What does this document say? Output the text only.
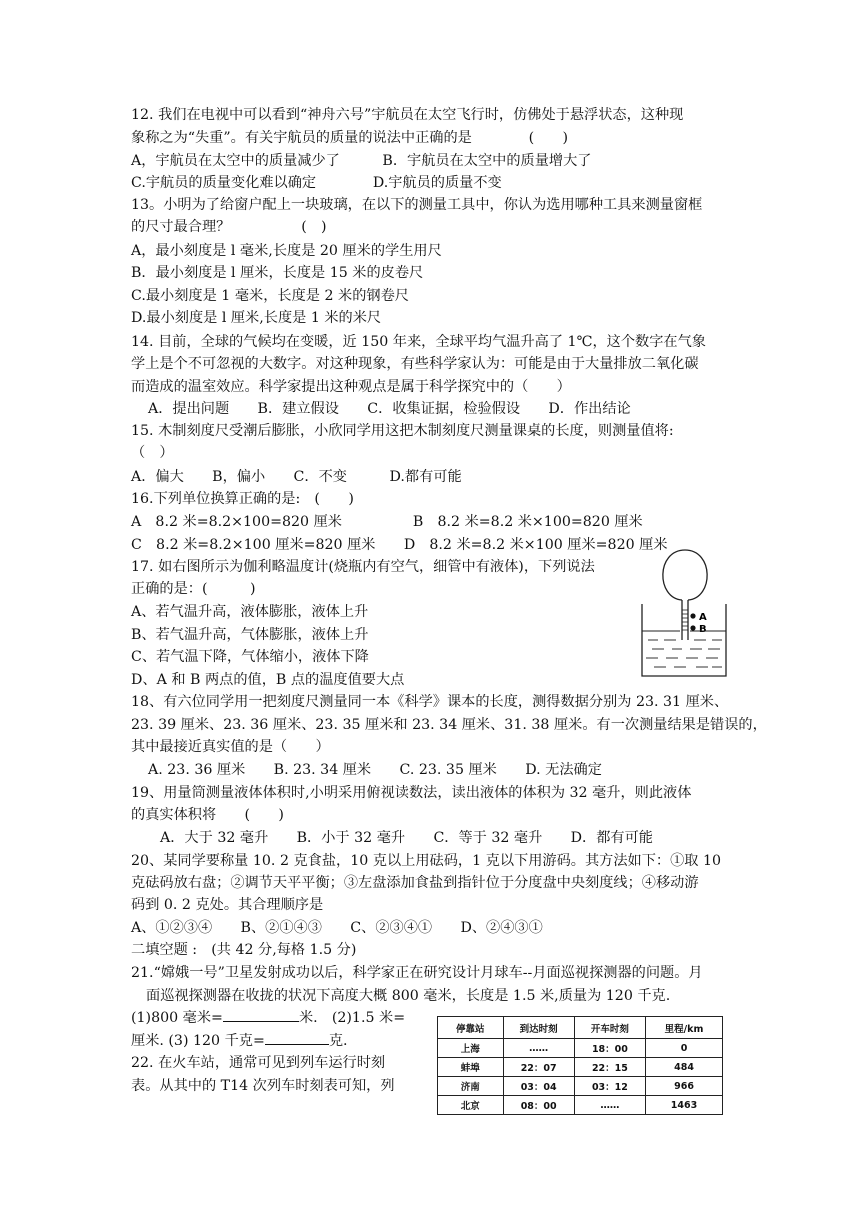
12. 我们在电视中可以看到“神舟六号”宇航员在太空飞行时，仿佛处于悬浮状态，这种现
象称之为“失重”。有关宇航员的质量的说法中正确的是　　　　(　　)
A，宇航员在太空中的质量减少了　　　B．宇航员在太空中的质量增大了
C.宇航员的质量变化难以确定　　　　D.宇航员的质量不变
13。小明为了给窗户配上一块玻璃，在以下的测量工具中，你认为选用哪种工具来测量窗框
的尺寸最合理？　　　　　(　)
A，最小刻度是 l 毫米,长度是 20 厘米的学生用尺
B．最小刻度是 l 厘米，长度是 15 米的皮卷尺
C.最小刻度是 1 毫米，长度是 2 米的钢卷尺
D.最小刻度是 l 厘米,长度是 1 米的米尺
14. 目前，全球的气候均在变暖，近 150 年来，全球平均气温升高了 1℃，这个数字在气象
学上是个不可忽视的大数字。对这种现象，有些科学家认为：可能是由于大量排放二氧化碳
而造成的温室效应。科学家提出这种观点是属于科学探究中的（　　）
A．提出问题　　B．建立假设　　C．收集证据，检验假设　　D．作出结论
15. 木制刻度尺受潮后膨胀，小欣同学用这把木制刻度尺测量课桌的长度，则测量值将:
（　）
A．偏大　　B，偏小　　C．不变　　　D.都有可能
16.下列单位换算正确的是:　(　　)
A　8.2 米=8.2×100=820 厘米　　　　　B　8.2 米=8.2 米×100=820 厘米
C　8.2 米=8.2×100 厘米=820 厘米　　D　8.2 米=8.2 米×100 厘米=820 厘米
17. 如右图所示为伽利略温度计(烧瓶内有空气，细管中有液体)，下列说法
正确的是：(　　　)
A、若气温升高，液体膨胀，液体上升
B、若气温升高，气体膨胀，液体上升
C、若气温下降，气体缩小，液体下降
D、A 和 B 两点的值，B 点的温度值要大点
A
B
18、有六位同学用一把刻度尺测量同一本《科学》课本的长度，测得数据分别为 23. 31 厘米、
23. 39 厘米、23. 36 厘米、23. 35 厘米和 23. 34 厘米、31. 38 厘米。有一次测量结果是错误的，
其中最接近真实值的是（　　）
A. 23. 36 厘米　　B. 23. 34 厘米　　C. 23. 35 厘米　　D. 无法确定
19、用量筒测量液体体积时,小明采用俯视读数法，读出液体的体积为 32 毫升，则此液体
的真实体积将　　(　　)
A．大于 32 毫升　　B．小于 32 毫升　　C．等于 32 毫升　　D．都有可能
20、某同学要称量 10. 2 克食盐，10 克以上用砝码，1 克以下用游码。其方法如下：①取 10
克砝码放右盘；②调节天平平衡；③左盘添加食盐到指针位于分度盘中央刻度线；④移动游
码到 0. 2 克处。其合理顺序是
A、①②③④　　B、②①④③　　C、②③④①　　D、②④③①
二填空题 :　(共 42 分,每格 1.5 分)
21.“嫦娥一号”卫星发射成功以后，科学家正在研究设计月球车--月面巡视探测器的问题。月
面巡视探测器在收拢的状况下高度大概 800 毫米，长度是 1.5 米,质量为 120 千克.
(1)800 毫米=	米.　(2)1.5 米=
厘米. (3) 120 千克=	克.
22. 在火车站，通常可见到列车运行时刻
表。从其中的 T14 次列车时刻表可知，列
停靠站	到达时刻	开车时刻	里程/km
上海	……	18：00	0
蚌埠	22：07	22：15	484
济南	03：04	03：12	966
北京	08：00	……	1463
